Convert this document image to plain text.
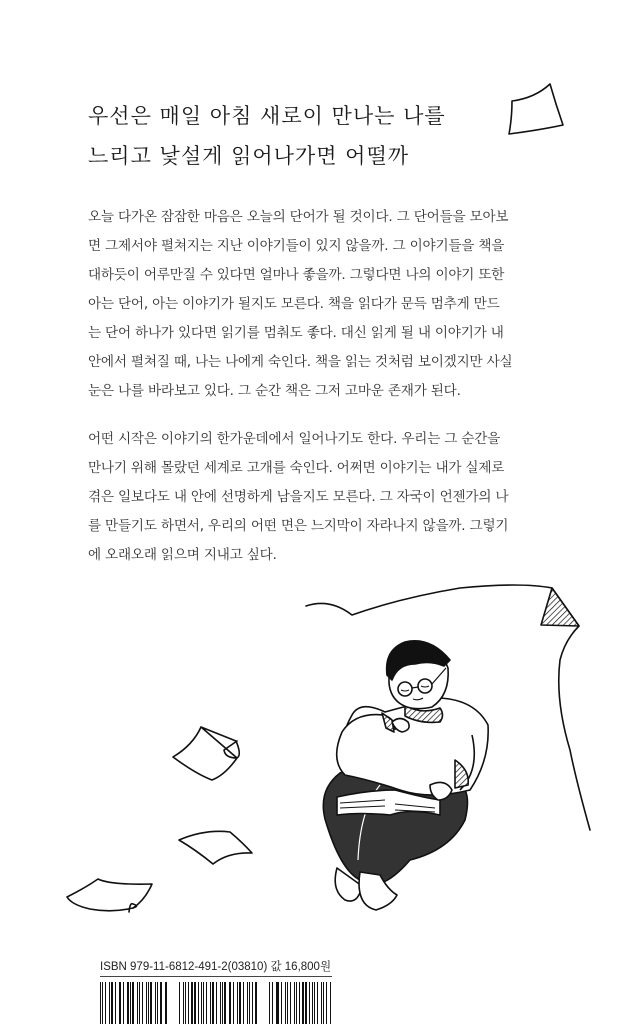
우선은 매일 아침 새로이 만나는 나를
느리고 낯설게 읽어나가면 어떨까
오늘 다가온 잠잠한 마음은 오늘의 단어가 될 것이다. 그 단어들을 모아보
면 그제서야 펼쳐지는 지난 이야기들이 있지 않을까. 그 이야기들을 책을
대하듯이 어루만질 수 있다면 얼마나 좋을까. 그렇다면 나의 이야기 또한
아는 단어, 아는 이야기가 될지도 모른다. 책을 읽다가 문득 멈추게 만드
는 단어 하나가 있다면 읽기를 멈춰도 좋다. 대신 읽게 될 내 이야기가 내
안에서 펼쳐질 때, 나는 나에게 숙인다. 책을 읽는 것처럼 보이겠지만 사실
눈은 나를 바라보고 있다. 그 순간 책은 그저 고마운 존재가 된다.
어떤 시작은 이야기의 한가운데에서 일어나기도 한다. 우리는 그 순간을
만나기 위해 몰랐던 세계로 고개를 숙인다. 어쩌면 이야기는 내가 실제로
겪은 일보다도 내 안에 선명하게 남을지도 모른다. 그 자국이 언젠가의 나
를 만들기도 하면서, 우리의 어떤 면은 느지막이 자라나지 않을까. 그렇기
에 오래오래 읽으며 지내고 싶다.
ISBN 979-11-6812-491-2(03810) 값 16,800원
